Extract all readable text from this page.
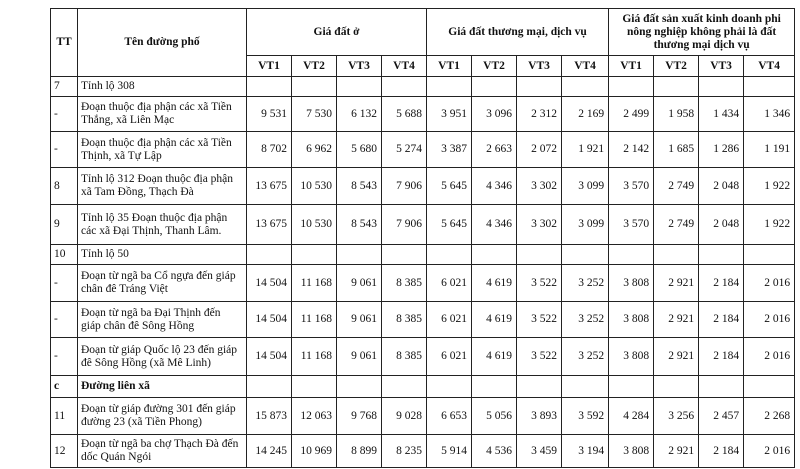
TT	Tên đường phố	Giá đất ở				Giá đất thương mại, dịch vụ				Giá đất sản xuất kinh doanh phi nông nghiệp không phải là đất thương mại dịch vụ			
		VT1	VT2	VT3	VT4	VT1	VT2	VT3	VT4	VT1	VT2	VT3	VT4
7	Tỉnh lộ 308												
-	Đoạn thuộc địa phận các xã Tiền Thắng, xã Liên Mạc	9 531	7 530	6 132	5 688	3 951	3 096	2 312	2 169	2 499	1 958	1 434	1 346
-	Đoạn thuộc địa phận các xã Tiền Thịnh, xã Tự Lập	8 702	6 962	5 680	5 274	3 387	2 663	2 072	1 921	2 142	1 685	1 286	1 191
8	Tỉnh lộ 312 Đoạn thuộc địa phận xã Tam Đồng, Thạch Đà	13 675	10 530	8 543	7 906	5 645	4 346	3 302	3 099	3 570	2 749	2 048	1 922
9	Tỉnh lộ 35 Đoạn thuộc địa phận các xã Đại Thịnh, Thanh Lâm.	13 675	10 530	8 543	7 906	5 645	4 346	3 302	3 099	3 570	2 749	2 048	1 922
10	Tỉnh lộ 50												
-	Đoạn từ ngã ba Cổ ngựa đến giáp chân đê Tráng Việt	14 504	11 168	9 061	8 385	6 021	4 619	3 522	3 252	3 808	2 921	2 184	2 016
-	Đoạn từ ngã ba Đại Thịnh đến giáp chân đê Sông Hồng	14 504	11 168	9 061	8 385	6 021	4 619	3 522	3 252	3 808	2 921	2 184	2 016
-	Đoạn từ giáp Quốc lộ 23 đến giáp đê Sông Hồng (xã Mê Linh)	14 504	11 168	9 061	8 385	6 021	4 619	3 522	3 252	3 808	2 921	2 184	2 016
c	Đường liên xã												
11	Đoạn từ giáp đường 301 đến giáp đường 23 (xã Tiền Phong)	15 873	12 063	9 768	9 028	6 653	5 056	3 893	3 592	4 284	3 256	2 457	2 268
12	Đoạn từ ngã ba chợ Thạch Đà đến dốc Quán Ngói	14 245	10 969	8 899	8 235	5 914	4 536	3 459	3 194	3 808	2 921	2 184	2 016
